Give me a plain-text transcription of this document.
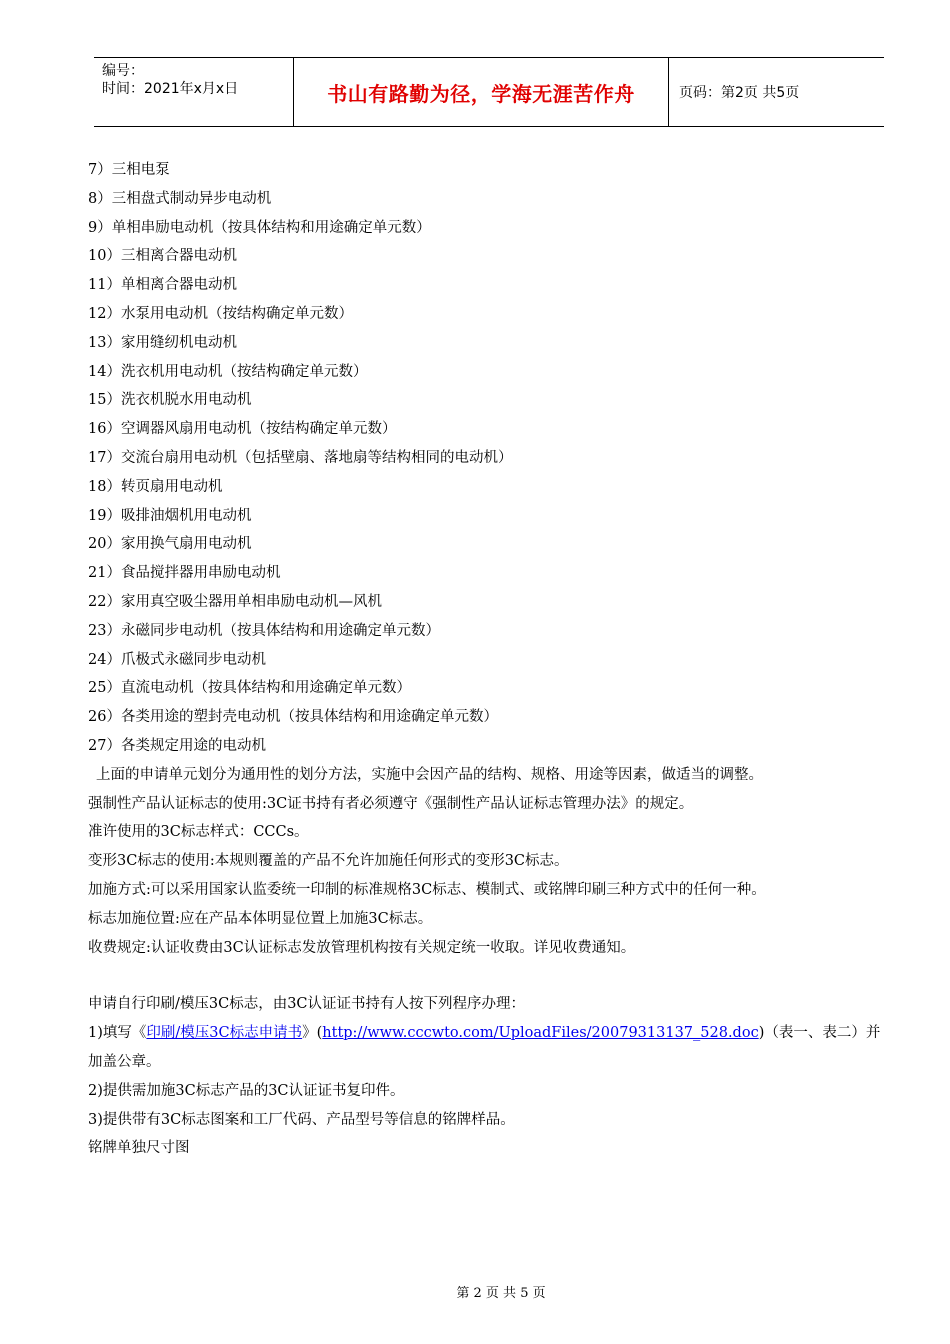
编号：
时间：2021年x月x日	书山有路勤为径，学海无涯苦作舟	页码：第2页 共5页
7）三相电泵
8）三相盘式制动异步电动机
9）单相串励电动机（按具体结构和用途确定单元数）
10）三相离合器电动机
11）单相离合器电动机
12）水泵用电动机（按结构确定单元数）
13）家用缝纫机电动机
14）洗衣机用电动机（按结构确定单元数）
15）洗衣机脱水用电动机
16）空调器风扇用电动机（按结构确定单元数）
17）交流台扇用电动机（包括壁扇、落地扇等结构相同的电动机）
18）转页扇用电动机
19）吸排油烟机用电动机
20）家用换气扇用电动机
21）食品搅拌器用串励电动机
22）家用真空吸尘器用单相串励电动机—风机
23）永磁同步电动机（按具体结构和用途确定单元数）
24）爪极式永磁同步电动机
25）直流电动机（按具体结构和用途确定单元数）
26）各类用途的塑封壳电动机（按具体结构和用途确定单元数）
27）各类规定用途的电动机
上面的申请单元划分为通用性的划分方法，实施中会因产品的结构、规格、用途等因素，做适当的调整。
强制性产品认证标志的使用:3C证书持有者必须遵守《强制性产品认证标志管理办法》的规定。
准许使用的3C标志样式：CCCs。
变形3C标志的使用:本规则覆盖的产品不允许加施任何形式的变形3C标志。
加施方式:可以采用国家认监委统一印制的标准规格3C标志、模制式、或铭牌印刷三种方式中的任何一种。
标志加施位置:应在产品本体明显位置上加施3C标志。
收费规定:认证收费由3C认证标志发放管理机构按有关规定统一收取。详见收费通知。
申请自行印刷/模压3C标志，由3C认证证书持有人按下列程序办理：
1)填写《印刷/模压3C标志申请书》(http://www.cccwto.com/UploadFiles/20079313137_528.doc)（表一、表二）并加盖公章。
2)提供需加施3C标志产品的3C认证证书复印件。
3)提供带有3C标志图案和工厂代码、产品型号等信息的铭牌样品。
铭牌单独尺寸图
第 2 页 共 5 页
